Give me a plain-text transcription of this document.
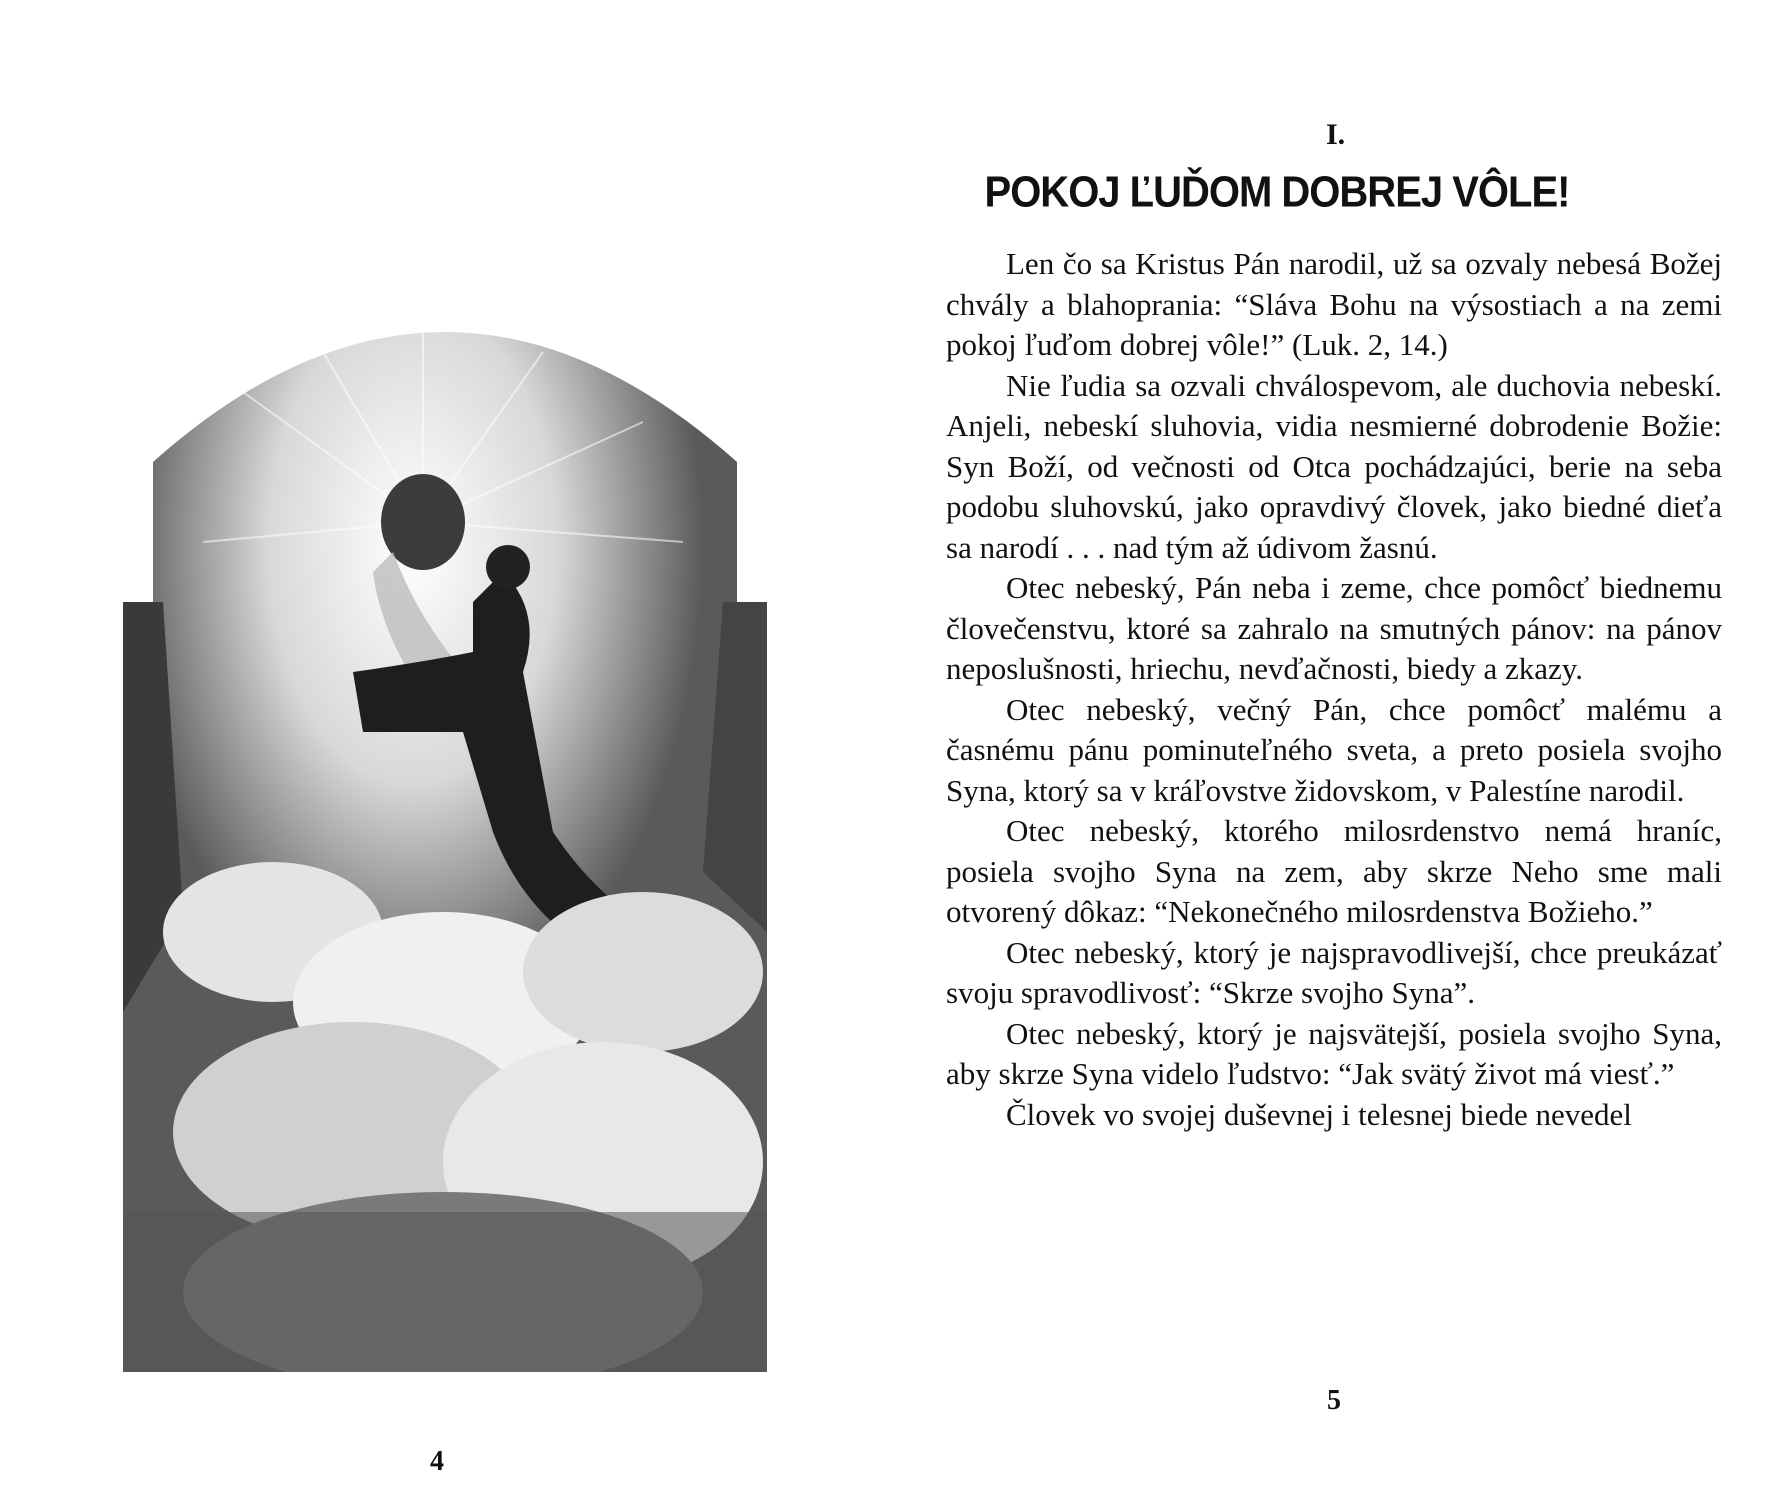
4
I.
POKOJ ĽUĎOM DOBREJ VÔLE!

Len čo sa Kristus Pán narodil, už sa ozvaly nebesá Božej chvály a blahoprania: “Sláva Bohu na výsostiach a na zemi pokoj ľuďom dobrej vôle!” (Luk. 2, 14.)

Nie ľudia sa ozvali chválospevom, ale duchovia nebeskí. Anjeli, nebeskí sluhovia, vidia nesmierné dobrodenie Božie: Syn Boží, od večnosti od Otca pochádzajúci, berie na seba podobu sluhovskú, jako opravdivý človek, jako biedné dieťa sa narodí . . . nad tým až údivom žasnú.

Otec nebeský, Pán neba i zeme, chce pomôcť biednemu človečenstvu, ktoré sa zahralo na smutných pánov: na pánov neposlušnosti, hriechu, nevďačnosti, biedy a zkazy.

Otec nebeský, večný Pán, chce pomôcť malému a časnému pánu pominuteľného sveta, a preto posiela svojho Syna, ktorý sa v kráľovstve židovskom, v Palestíne narodil.

Otec nebeský, ktorého milosrdenstvo nemá hraníc, posiela svojho Syna na zem, aby skrze Neho sme mali otvorený dôkaz: “Nekonečného milosrdenstva Božieho.”

Otec nebeský, ktorý je najspravodlivejší, chce preukázať svoju spravodlivosť: “Skrze svojho Syna”.

Otec nebeský, ktorý je najsvätejší, posiela svojho Syna, aby skrze Syna videlo ľudstvo: “Jak svätý život má viesť.”

Človek vo svojej duševnej i telesnej biede nevedel

5
